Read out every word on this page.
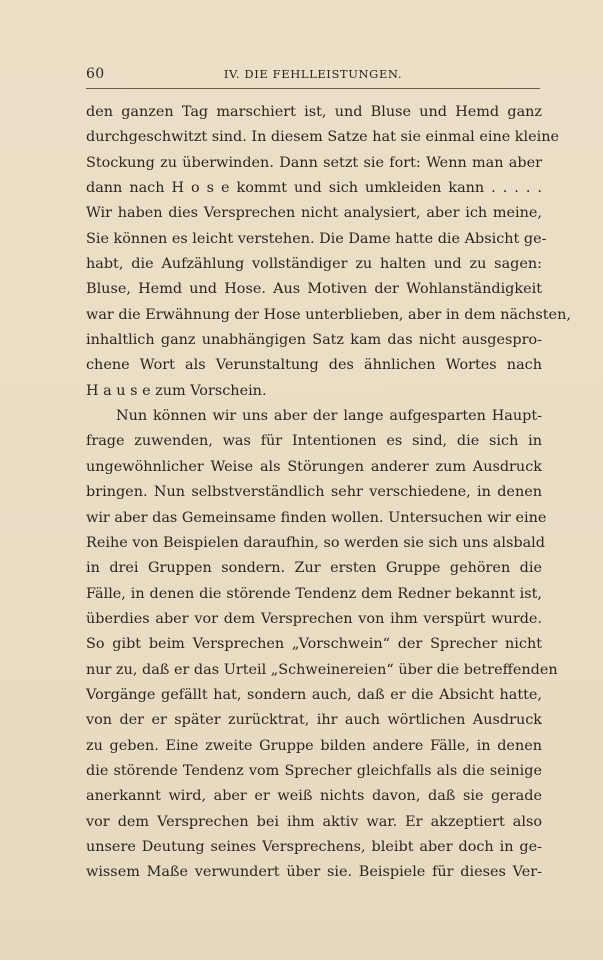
60	IV. DIE FEHLLEISTUNGEN.
den ganzen Tag marschiert ist, und Bluse und Hemd ganz
durchgeschwitzt sind. In diesem Satze hat sie einmal eine kleine
Stockung zu überwinden. Dann setzt sie fort: Wenn man aber
dann nach H o s e kommt und sich umkleiden kann . . . . .
Wir haben dies Versprechen nicht analysiert, aber ich meine,
Sie können es leicht verstehen. Die Dame hatte die Absicht ge-
habt, die Aufzählung vollständiger zu halten und zu sagen:
Bluse, Hemd und Hose. Aus Motiven der Wohlanständigkeit
war die Erwähnung der Hose unterblieben, aber in dem nächsten,
inhaltlich ganz unabhängigen Satz kam das nicht ausgespro-
chene Wort als Verunstaltung des ähnlichen Wortes nach
H a u s e zum Vorschein.
Nun können wir uns aber der lange aufgesparten Haupt-
frage zuwenden, was für Intentionen es sind, die sich in
ungewöhnlicher Weise als Störungen anderer zum Ausdruck
bringen. Nun selbstverständlich sehr verschiedene, in denen
wir aber das Gemeinsame finden wollen. Untersuchen wir eine
Reihe von Beispielen daraufhin, so werden sie sich uns alsbald
in drei Gruppen sondern. Zur ersten Gruppe gehören die
Fälle, in denen die störende Tendenz dem Redner bekannt ist,
überdies aber vor dem Versprechen von ihm verspürt wurde.
So gibt beim Versprechen „Vorschwein“ der Sprecher nicht
nur zu, daß er das Urteil „Schweinereien“ über die betreffenden
Vorgänge gefällt hat, sondern auch, daß er die Absicht hatte,
von der er später zurücktrat, ihr auch wörtlichen Ausdruck
zu geben. Eine zweite Gruppe bilden andere Fälle, in denen
die störende Tendenz vom Sprecher gleichfalls als die seinige
anerkannt wird, aber er weiß nichts davon, daß sie gerade
vor dem Versprechen bei ihm aktiv war. Er akzeptiert also
unsere Deutung seines Versprechens, bleibt aber doch in ge-
wissem Maße verwundert über sie. Beispiele für dieses Ver-
